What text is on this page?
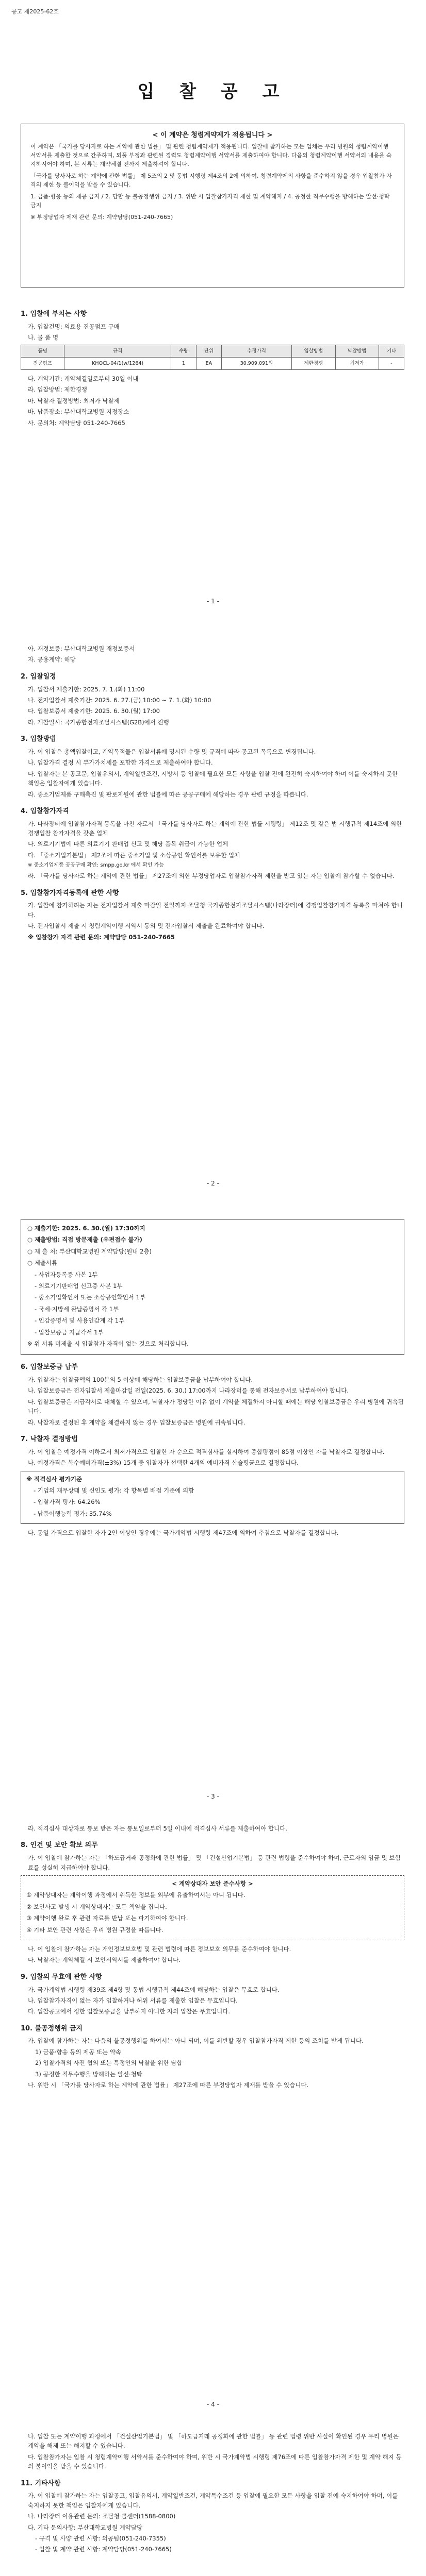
공고 제2025-62호
입 찰 공 고
< 이 계약은 청렴계약제가 적용됩니다 >

이 계약은 「국가를 당사자로 하는 계약에 관한 법률」 및 관련 청렴계약제가 적용됩니다. 입찰에 참가하는 모든 업체는 우리 병원의 청렴계약이행 서약서를 제출한 것으로 간주하며, 되풀 부정과 관련된 경력도 청렴계약이행 서약서를 제출하여야 합니다. 다음의 청렴계약이행 서약서의 내용을 숙지하시어야 하며, 본 서류는 계약체결 전까지 제출하셔야 합니다.

「국가를 당사자로 하는 계약에 관한 법률」 제 5조의 2 및 동법 시행령 제4조의 2에 의하여, 청렴계약제의 사항을 준수하지 않을 경우 입찰참가 자격의 제한 등 불이익을 받을 수 있습니다.

1. 금품·향응 등의 제공 금지 / 2. 담합 등 불공정행위 금지 / 3. 위반 시 입찰참가자격 제한 및 계약해지 / 4. 공정한 직무수행을 방해하는 알선·청탁 금지

※ 부정당업자 제재 관련 문의: 계약담당(051-240-7665)

1. 입찰에 부치는 사항

가. 입찰건명: 의료용 진공펌프 구매

나. 물 품 명

품명	규격	수량	단위	추정가격	입찰방법	낙찰방법	기타
진공펌프	KHOCL-04/1(w/1264)	1	EA	30,909,091원	제한경쟁	최저가	-

다. 계약기간: 계약체결일로부터 30일 이내

라. 입찰방법: 제한경쟁

마. 낙찰자 결정방법: 최저가 낙찰제

바. 납품장소: 부산대학교병원 지정장소

사. 문의처: 계약담당 051-240-7665

- 1 -

아. 재정보증: 부산대학교병원 재정보증서

자. 공용계약: 해당

2. 입찰일정

가. 입찰서 제출기한: 2025. 7. 1.(화) 11:00

나. 전자입찰서 제출기간: 2025. 6. 27.(금) 10:00 ~ 7. 1.(화) 10:00

다. 입찰보증서 제출기한: 2025. 6. 30.(월) 17:00

라. 개찰일시: 국가종합전자조달시스템(G2B)에서 진행

3. 입찰방법

가. 이 입찰은 총액입찰이고, 계약목적물은 입찰서류에 명시된 수량 및 규격에 따라 공고된 목록으로 변경됩니다.

나. 입찰가격 결정 시 부가가치세를 포함한 가격으로 제출하여야 합니다.

다. 입찰자는 본 공고문, 입찰유의서, 계약일반조건, 시방서 등 입찰에 필요한 모든 사항을 입찰 전에 완전히 숙지하여야 하며 이를 숙지하지 못한 책임은 입찰자에게 있습니다.

라. 중소기업제품 구매촉진 및 판로지원에 관한 법률에 따른 공공구매에 해당하는 경우 관련 규정을 따릅니다.

4. 입찰참가자격

가. 나라장터에 입찰참가자격 등록을 마친 자로서 「국가를 당사자로 하는 계약에 관한 법률 시행령」 제12조 및 같은 법 시행규칙 제14조에 의한 경쟁입찰 참가자격을 갖춘 업체

나. 의료기기법에 따른 의료기기 판매업 신고 및 해당 품목 취급이 가능한 업체

다. 「중소기업기본법」 제2조에 따른 중소기업 및 소상공인 확인서를 보유한 업체

※ 중소기업제품 공공구매 확인: smpp.go.kr 에서 확인 가능

라. 「국가를 당사자로 하는 계약에 관한 법률」 제27조에 의한 부정당업자로 입찰참가자격 제한을 받고 있는 자는 입찰에 참가할 수 없습니다.

5. 입찰참가자격등록에 관한 사항

가. 입찰에 참가하려는 자는 전자입찰서 제출 마감일 전일까지 조달청 국가종합전자조달시스템(나라장터)에 경쟁입찰참가자격 등록을 마쳐야 합니다.

나. 전자입찰서 제출 시 청렴계약이행 서약서 동의 및 전자입찰서 제출을 완료하여야 합니다.

※ 입찰참가 자격 관련 문의: 계약담당 051-240-7665

- 2 -

○ 제출기한: 2025. 6. 30.(월) 17:30까지

○ 제출방법: 직접 방문제출 (우편접수 불가)

○ 제 출 처: 부산대학교병원 계약담당(원내 2층)

○ 제출서류

- 사업자등록증 사본 1부

- 의료기기판매업 신고증 사본 1부

- 중소기업확인서 또는 소상공인확인서 1부

- 국세·지방세 완납증명서 각 1부

- 인감증명서 및 사용인감계 각 1부

- 입찰보증금 지급각서 1부

※ 위 서류 미제출 시 입찰참가 자격이 없는 것으로 처리합니다.

6. 입찰보증금 납부

가. 입찰자는 입찰금액의 100분의 5 이상에 해당하는 입찰보증금을 납부하여야 합니다.

나. 입찰보증금은 전자입찰서 제출마감일 전일(2025. 6. 30.) 17:00까지 나라장터를 통해 전자보증서로 납부하여야 합니다.

다. 입찰보증금은 지급각서로 대체할 수 있으며, 낙찰자가 정당한 이유 없이 계약을 체결하지 아니할 때에는 해당 입찰보증금은 우리 병원에 귀속됩니다.

라. 낙찰자로 결정된 후 계약을 체결하지 않는 경우 입찰보증금은 병원에 귀속됩니다.

7. 낙찰자 결정방법

가. 이 입찰은 예정가격 이하로서 최저가격으로 입찰한 자 순으로 적격심사를 실시하여 종합평점이 85점 이상인 자를 낙찰자로 결정합니다.

나. 예정가격은 복수예비가격(±3%) 15개 중 입찰자가 선택한 4개의 예비가격 산술평균으로 결정합니다.

※ 적격심사 평가기준

- 기업의 재무상태 및 신인도 평가: 각 항목별 배점 기준에 의함

- 입찰가격 평가: 64.26%

- 납품이행능력 평가: 35.74%

다. 동일 가격으로 입찰한 자가 2인 이상인 경우에는 국가계약법 시행령 제47조에 의하여 추첨으로 낙찰자를 결정합니다.

- 3 -

라. 적격심사 대상자로 통보 받은 자는 통보일로부터 5일 이내에 적격심사 서류를 제출하여야 합니다.

8. 인건 및 보안 확보 의무

가. 이 입찰에 참가하는 자는 「하도급거래 공정화에 관한 법률」 및 「건설산업기본법」 등 관련 법령을 준수하여야 하며, 근로자의 임금 및 보험료를 성실히 지급하여야 합니다.

< 계약상대자 보안 준수사항 >

① 계약상대자는 계약이행 과정에서 취득한 정보를 외부에 유출하여서는 아니 됩니다.

② 보안사고 발생 시 계약상대자는 모든 책임을 집니다.

③ 계약이행 완료 후 관련 자료를 반납 또는 파기하여야 합니다.

④ 기타 보안 관련 사항은 우리 병원 규정을 따릅니다.

나. 이 입찰에 참가하는 자는 개인정보보호법 및 관련 법령에 따른 정보보호 의무를 준수하여야 합니다.

다. 낙찰자는 계약체결 시 보안서약서를 제출하여야 합니다.

9. 입찰의 무효에 관한 사항

가. 국가계약법 시행령 제39조 제4항 및 동법 시행규칙 제44조에 해당하는 입찰은 무효로 합니다.

나. 입찰참가자격이 없는 자가 입찰하거나 허위 서류를 제출한 입찰은 무효입니다.

다. 입찰공고에서 정한 입찰보증금을 납부하지 아니한 자의 입찰은 무효입니다.

10. 불공정행위 금지

가. 입찰에 참가하는 자는 다음의 불공정행위를 하여서는 아니 되며, 이를 위반할 경우 입찰참가자격 제한 등의 조치를 받게 됩니다.

1) 금품·향응 등의 제공 또는 약속

2) 입찰가격의 사전 협의 또는 특정인의 낙찰을 위한 담합

3) 공정한 직무수행을 방해하는 알선·청탁

나. 위반 시 「국가를 당사자로 하는 계약에 관한 법률」 제27조에 따른 부정당업자 제재를 받을 수 있습니다.

- 4 -

나. 입찰 또는 계약이행 과정에서 「건설산업기본법」 및 「하도급거래 공정화에 관한 법률」 등 관련 법령 위반 사실이 확인된 경우 우리 병원은 계약을 해제 또는 해지할 수 있습니다.

다. 입찰참가자는 입찰 시 청렴계약이행 서약서를 준수하여야 하며, 위반 시 국가계약법 시행령 제76조에 따른 입찰참가자격 제한 및 계약 해지 등의 불이익을 받을 수 있습니다.

11. 기타사항

가. 이 입찰에 참가하는 자는 입찰공고, 입찰유의서, 계약일반조건, 계약특수조건 등 입찰에 필요한 모든 사항을 입찰 전에 숙지하여야 하며, 이를 숙지하지 못한 책임은 입찰자에게 있습니다.

나. 나라장터 이용관련 문의: 조달청 콜센터(1588-0800)

다. 기타 문의사항: 부산대학교병원 계약담당

- 규격 및 사양 관련 사항: 의공팀(051-240-7355)

- 입찰 및 계약 관련 사항: 계약담당(051-240-7665)
